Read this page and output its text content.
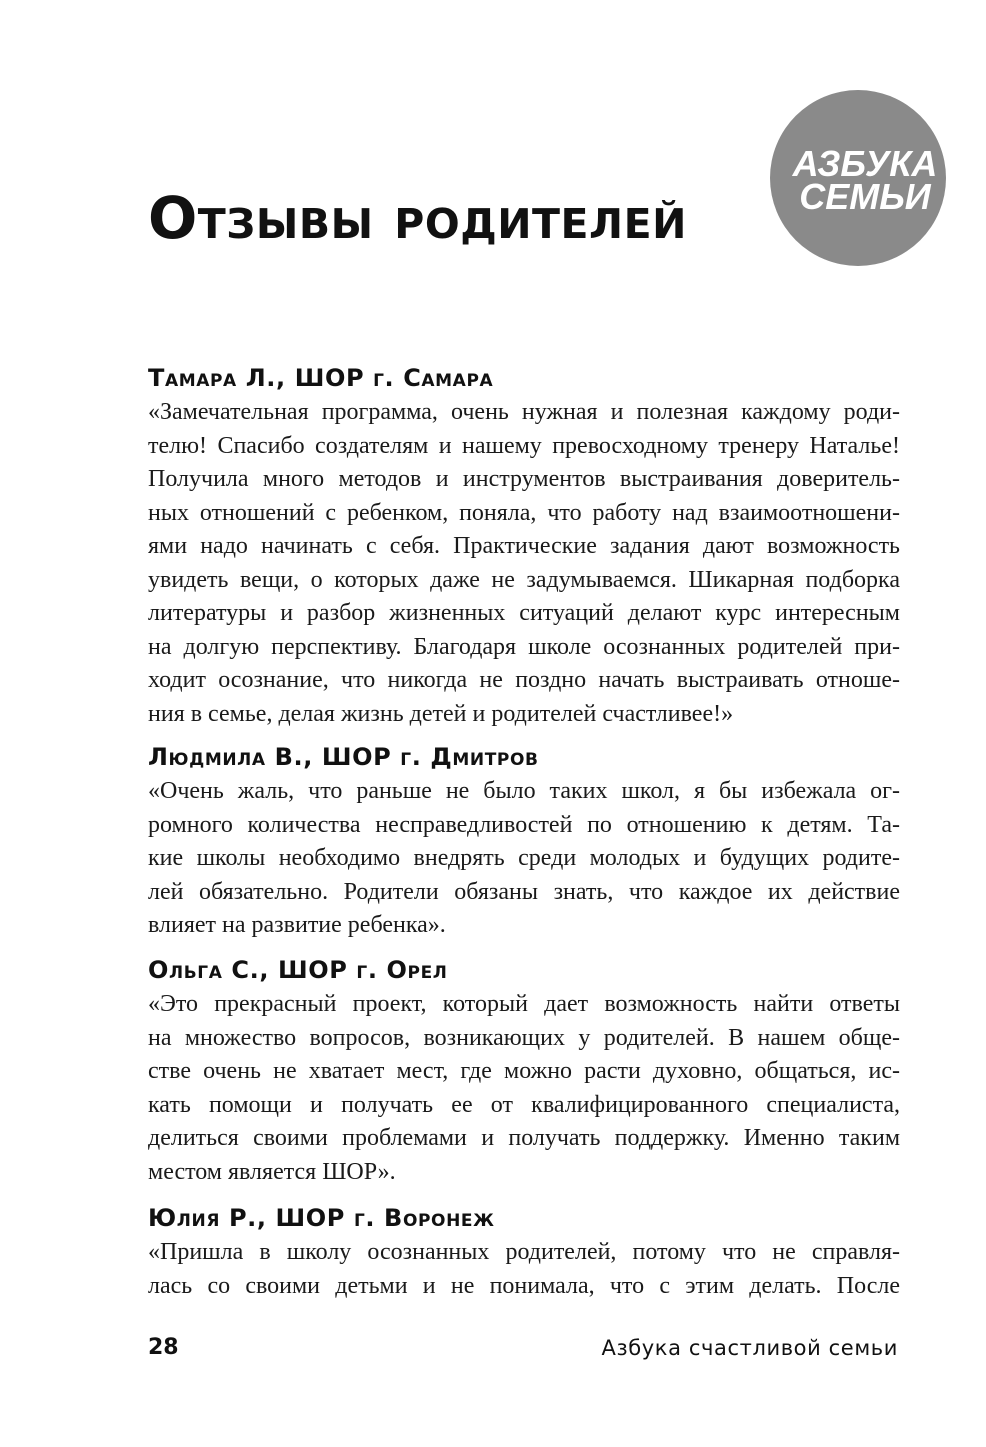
Отзывы родителей
АЗБУКА
СЕМЬИ
Тамара Л., ШОР г. Самара
«Замечательная программа, очень нужная и полезная каждому роди-
телю! Спасибо создателям и нашему превосходному тренеру Наталье!
Получила много методов и инструментов выстраивания доверитель-
ных отношений с ребенком, поняла, что работу над взаимоотношени-
ями надо начинать с себя. Практические задания дают возможность
увидеть вещи, о которых даже не задумываемся. Шикарная подборка
литературы и разбор жизненных ситуаций делают курс интересным
на долгую перспективу. Благодаря школе осознанных родителей при-
ходит осознание, что никогда не поздно начать выстраивать отноше-
ния в семье, делая жизнь детей и родителей счастливее!»
Людмила В., ШОР г. Дмитров
«Очень жаль, что раньше не было таких школ, я бы избежала ог-
ромного количества несправедливостей по отношению к детям. Та-
кие школы необходимо внедрять среди молодых и будущих родите-
лей обязательно. Родители обязаны знать, что каждое их действие
влияет на развитие ребенка».
Ольга С., ШОР г. Орел
«Это прекрасный проект, который дает возможность найти ответы
на множество вопросов, возникающих у родителей. В нашем обще-
стве очень не хватает мест, где можно расти духовно, общаться, ис-
кать помощи и получать ее от квалифицированного специалиста,
делиться своими проблемами и получать поддержку. Именно таким
местом является ШОР».
Юлия Р., ШОР г. Воронеж
«Пришла в школу осознанных родителей, потому что не справля-
лась со своими детьми и не понимала, что с этим делать. После
28	Азбука счастливой семьи
